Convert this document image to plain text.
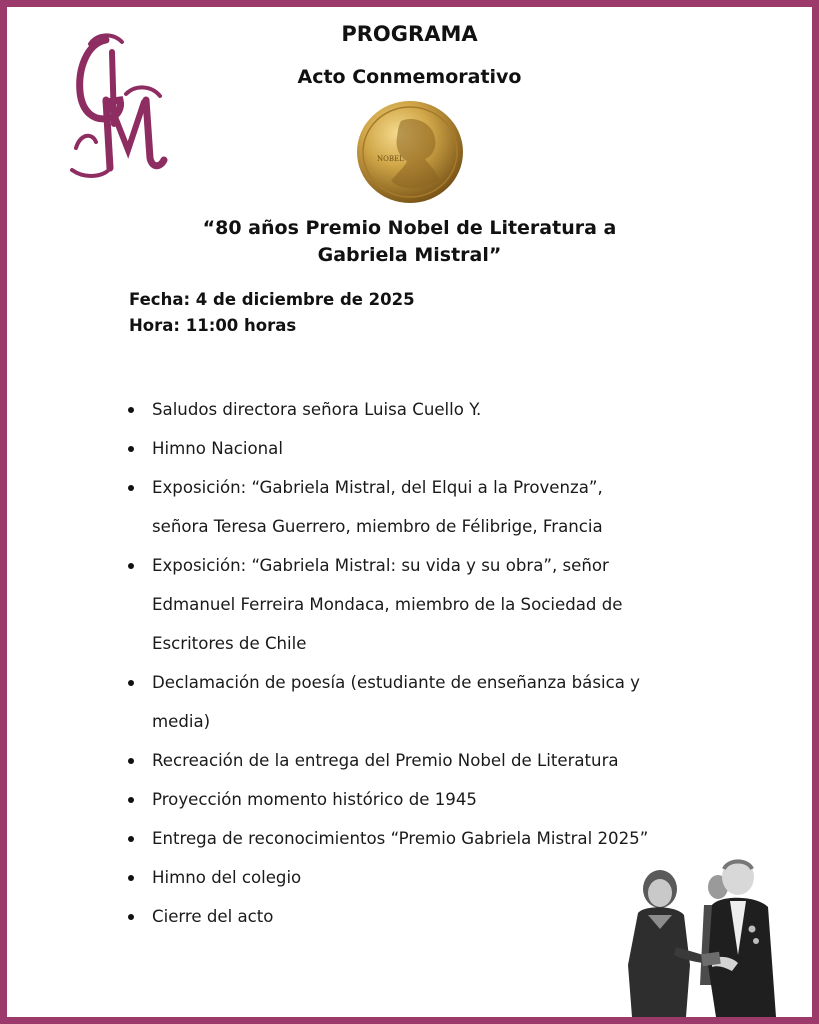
PROGRAMA
Acto Conmemorativo
NOBEL
“80 años Premio Nobel de Literatura a
Gabriela Mistral”
Fecha: 4 de diciembre de 2025
Hora: 11:00 horas
Saludos directora señora Luisa Cuello Y.
Himno Nacional
Exposición: “Gabriela Mistral, del Elqui a la Provenza”,
señora Teresa Guerrero, miembro de Félibrige, Francia
Exposición: “Gabriela Mistral: su vida y su obra”, señor
Edmanuel Ferreira Mondaca, miembro de la Sociedad de
Escritores de Chile
Declamación de poesía (estudiante de enseñanza básica y
media)
Recreación de la entrega del Premio Nobel de Literatura
Proyección momento histórico de 1945
Entrega de reconocimientos “Premio Gabriela Mistral 2025”
Himno del colegio
Cierre del acto
